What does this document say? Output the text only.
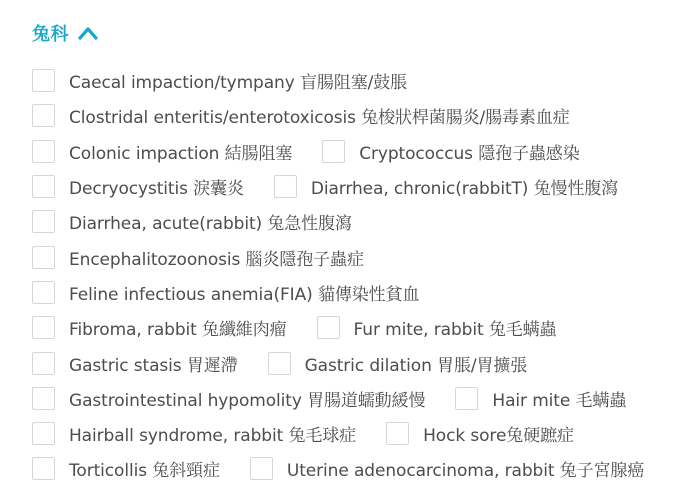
兔科
Caecal impaction/tympany 盲腸阻塞/鼓脹
Clostridal enteritis/enterotoxicosis 兔梭狀桿菌腸炎/腸毒素血症
Colonic impaction 結腸阻塞	Cryptococcus 隱孢子蟲感染
Decryocystitis 淚囊炎	Diarrhea, chronic(rabbitT) 兔慢性腹瀉
Diarrhea, acute(rabbit) 兔急性腹瀉
Encephalitozoonosis 腦炎隱孢子蟲症
Feline infectious anemia(FIA) 貓傳染性貧血
Fibroma, rabbit 兔纖維肉瘤	Fur mite, rabbit 兔毛螨蟲
Gastric stasis 胃遲滯	Gastric dilation 胃脹/胃擴張
Gastrointestinal hypomolity 胃腸道蠕動緩慢	Hair mite 毛螨蟲
Hairball syndrome, rabbit 兔毛球症	Hock sore兔硬蹠症
Torticollis 兔斜頸症	Uterine adenocarcinoma, rabbit 兔子宮腺癌
